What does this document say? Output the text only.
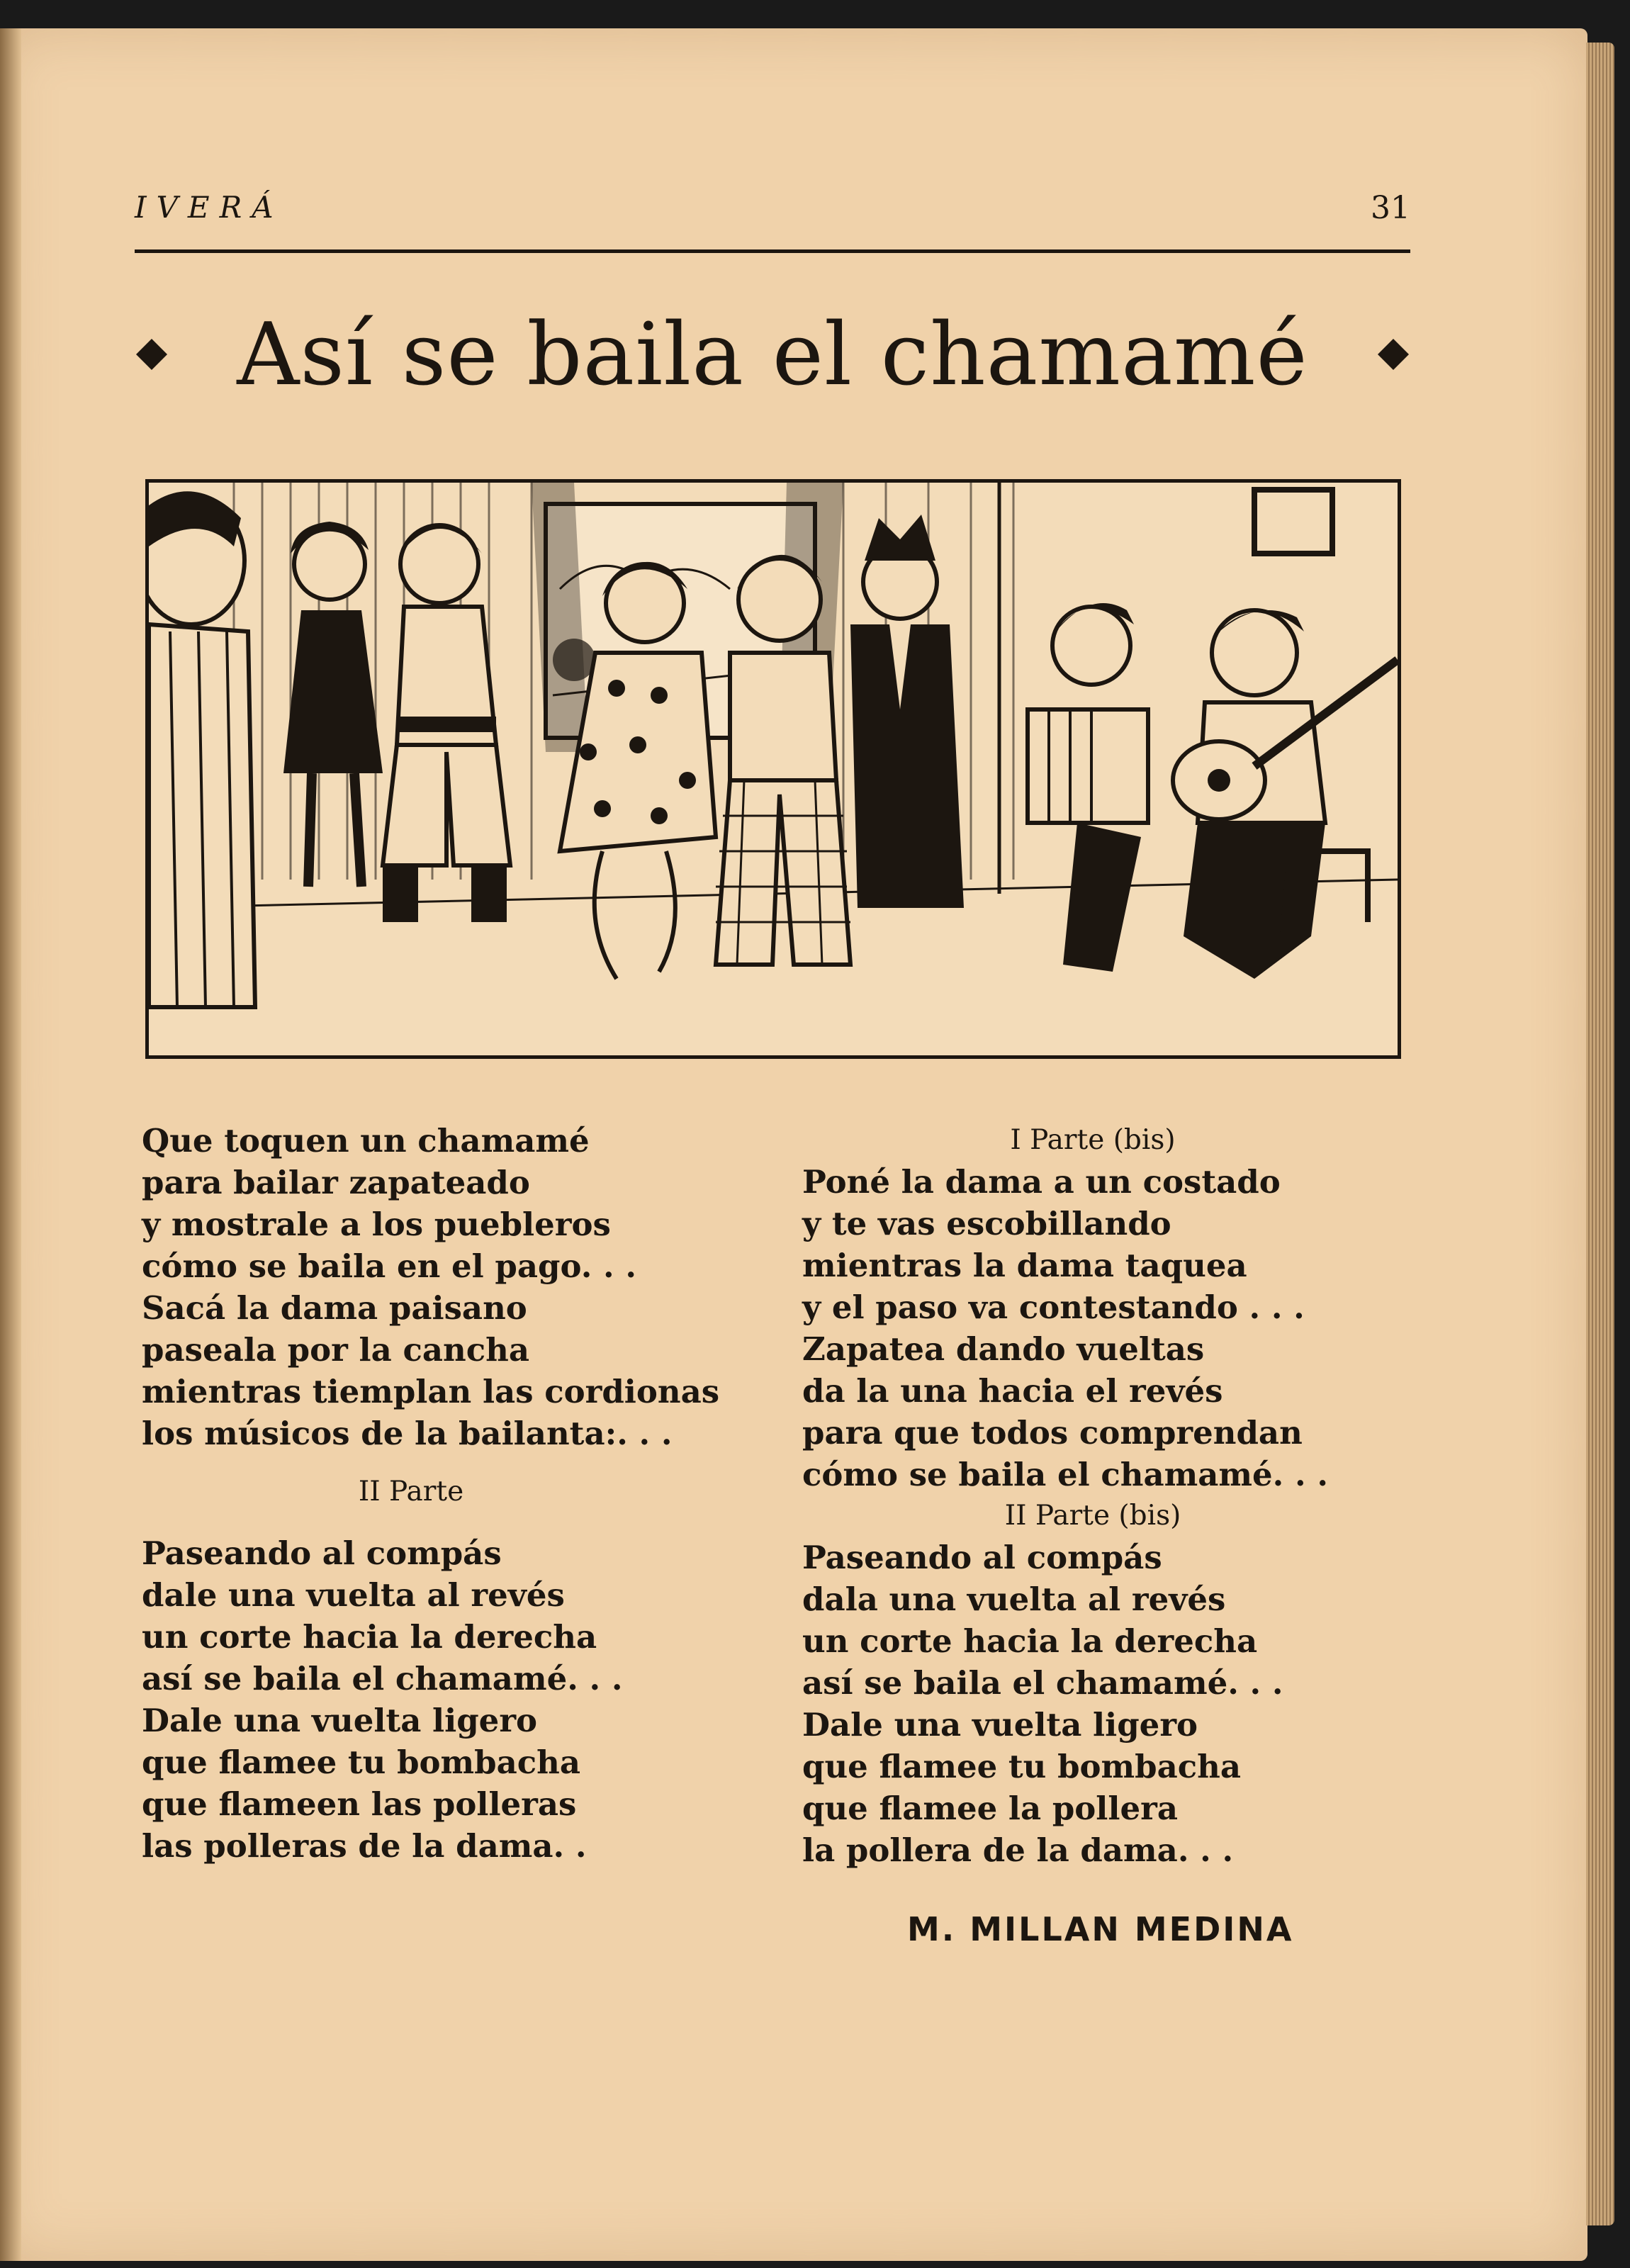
IVERÁ	31
Así se baila el chamamé
Que toquen un chamamé
para bailar zapateado
y mostrale a los puebleros
cómo se baila en el pago. . .
Sacá la dama paisano
paseala por la cancha
mientras tiemplan las cordionas
los músicos de la bailanta:. . .
II Parte
Paseando al compás
dale una vuelta al revés
un corte hacia la derecha
así se baila el chamamé. . .
Dale una vuelta ligero
que flamee tu bombacha
que flameen las polleras
las polleras de la dama. .
I Parte (bis)
Poné la dama a un costado
y te vas escobillando
mientras la dama taquea
y el paso va contestando . . .
Zapatea dando vueltas
da la una hacia el revés
para que todos comprendan
cómo se baila el chamamé. . .
II Parte (bis)
Paseando al compás
dala una vuelta al revés
un corte hacia la derecha
así se baila el chamamé. . .
Dale una vuelta ligero
que flamee tu bombacha
que flamee la pollera
la pollera de la dama. . .
M. MILLAN MEDINA
